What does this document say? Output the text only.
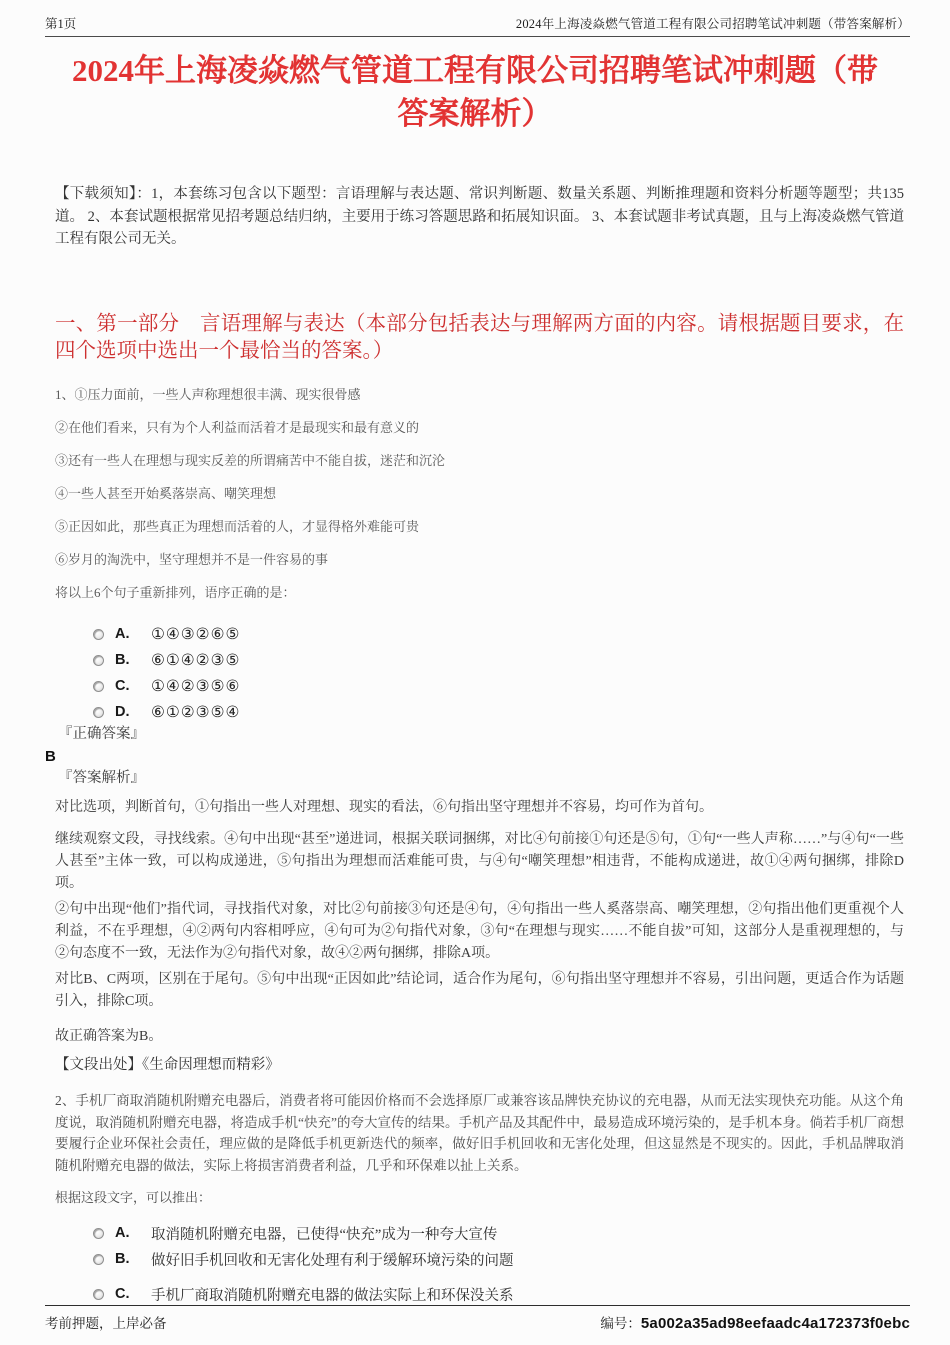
第1页	2024年上海凌焱燃气管道工程有限公司招聘笔试冲刺题（带答案解析）
2024年上海凌焱燃气管道工程有限公司招聘笔试冲刺题（带答案解析）
【下载须知】：1，本套练习包含以下题型：言语理解与表达题、常识判断题、数量关系题、判断推理题和资料分析题等题型；共135道。 2、本套试题根据常见招考题总结归纳，主要用于练习答题思路和拓展知识面。 3、本套试题非考试真题，且与上海凌焱燃气管道工程有限公司无关。
一、第一部分　言语理解与表达（本部分包括表达与理解两方面的内容。请根据题目要求，在四个选项中选出一个最恰当的答案。）
1、①压力面前，一些人声称理想很丰满、现实很骨感
②在他们看来，只有为个人利益而活着才是最现实和最有意义的
③还有一些人在理想与现实反差的所谓痛苦中不能自拔，迷茫和沉沦
④一些人甚至开始奚落崇高、嘲笑理想
⑤正因如此，那些真正为理想而活着的人，才显得格外难能可贵
⑥岁月的淘洗中，坚守理想并不是一件容易的事
将以上6个句子重新排列，语序正确的是：
A.	①④③②⑥⑤
B.	⑥①④②③⑤
C.	①④②③⑤⑥
D.	⑥①②③⑤④
『正确答案』
B
『答案解析』
对比选项，判断首句，①句指出一些人对理想、现实的看法，⑥句指出坚守理想并不容易，均可作为首句。
继续观察文段，寻找线索。④句中出现“甚至”递进词，根据关联词捆绑，对比④句前接①句还是⑤句，①句“一些人声称……”与④句“一些人甚至”主体一致，可以构成递进，⑤句指出为理想而活难能可贵，与④句“嘲笑理想”相违背，不能构成递进，故①④两句捆绑，排除D项。
②句中出现“他们”指代词，寻找指代对象，对比②句前接③句还是④句，④句指出一些人奚落崇高、嘲笑理想，②句指出他们更重视个人利益，不在乎理想，④②两句内容相呼应，④句可为②句指代对象，③句“在理想与现实……不能自拔”可知，这部分人是重视理想的，与②句态度不一致，无法作为②句指代对象，故④②两句捆绑，排除A项。
对比B、C两项，区别在于尾句。⑤句中出现“正因如此”结论词，适合作为尾句，⑥句指出坚守理想并不容易，引出问题，更适合作为话题引入，排除C项。
故正确答案为B。
【文段出处】《生命因理想而精彩》
2、手机厂商取消随机附赠充电器后，消费者将可能因价格而不会选择原厂或兼容该品牌快充协议的充电器，从而无法实现快充功能。从这个角度说，取消随机附赠充电器，将造成手机“快充”的夸大宣传的结果。手机产品及其配件中，最易造成环境污染的，是手机本身。倘若手机厂商想要履行企业环保社会责任，理应做的是降低手机更新迭代的频率，做好旧手机回收和无害化处理，但这显然是不现实的。因此，手机品牌取消随机附赠充电器的做法，实际上将损害消费者利益，几乎和环保难以扯上关系。
根据这段文字，可以推出：
A.	取消随机附赠充电器，已使得“快充”成为一种夸大宣传
B.	做好旧手机回收和无害化处理有利于缓解环境污染的问题
C.	手机厂商取消随机附赠充电器的做法实际上和环保没关系
考前押题，上岸必备	编号：5a002a35ad98eefaadc4a172373f0ebc
